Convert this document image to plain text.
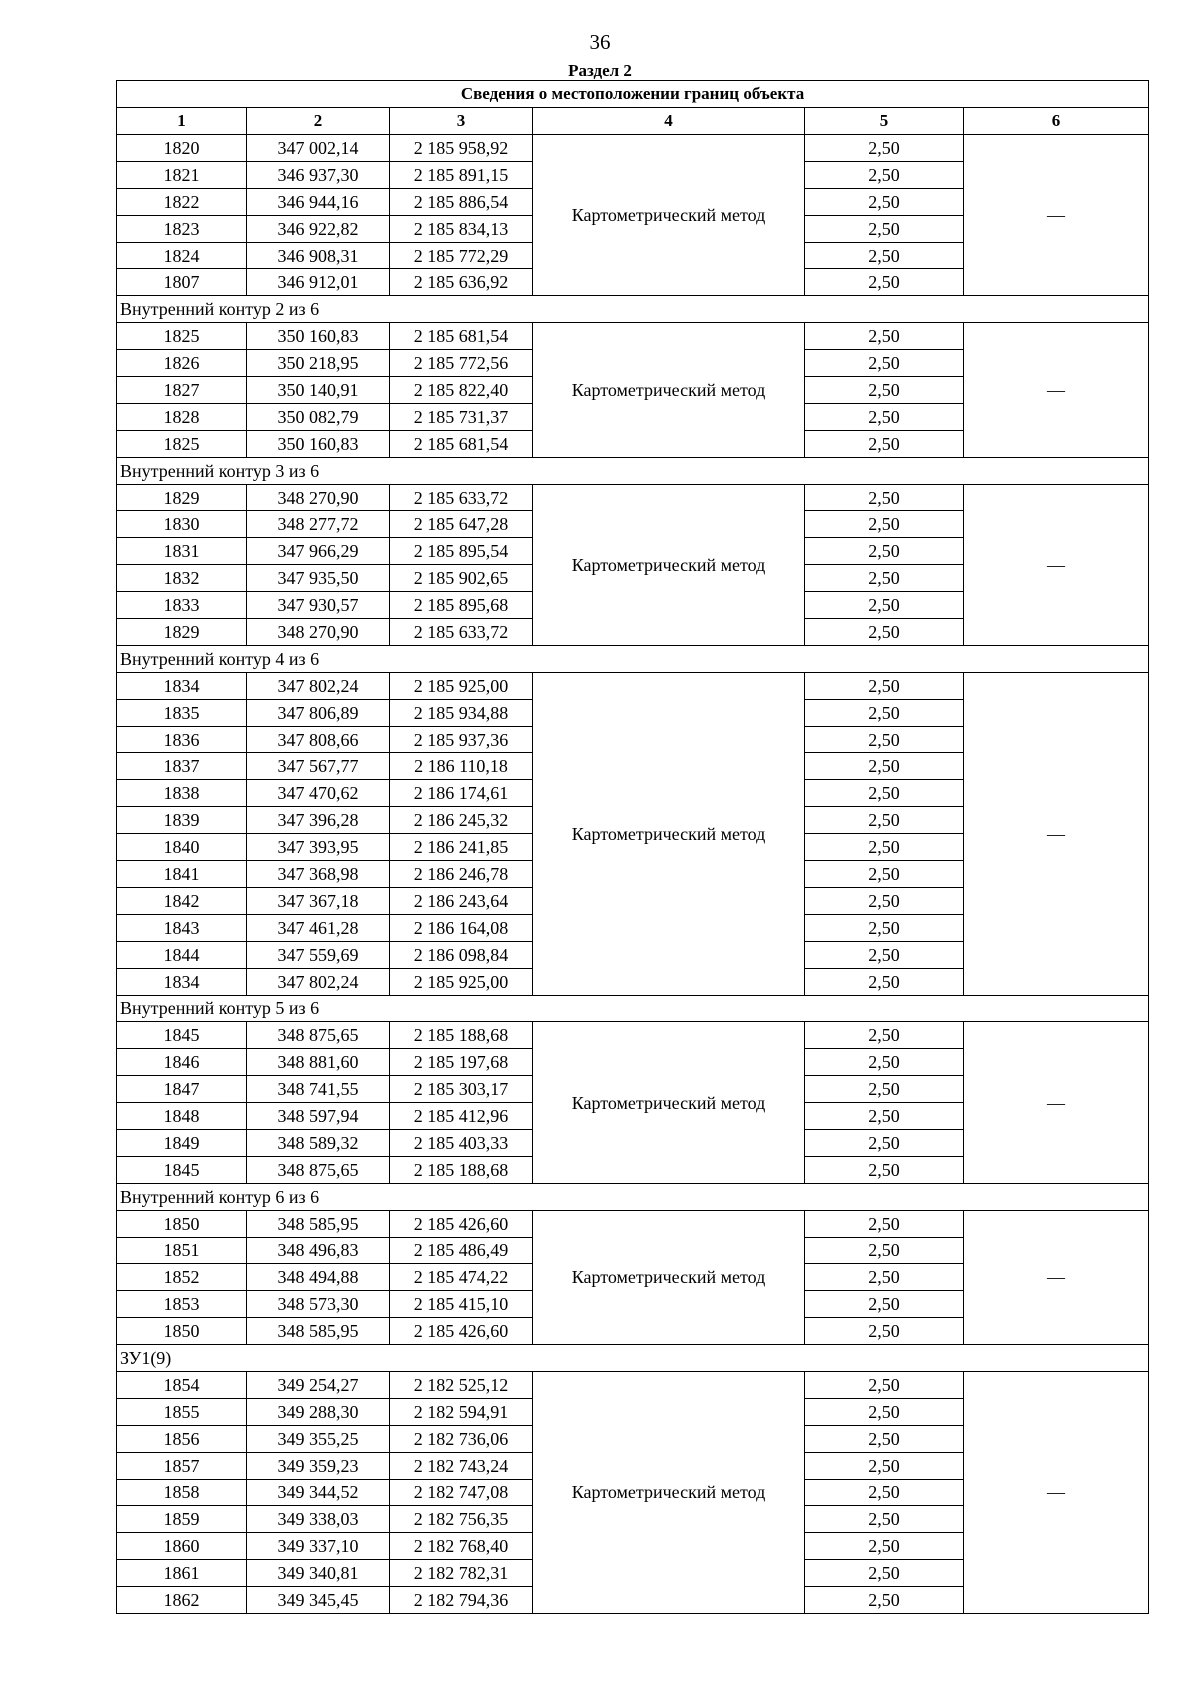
36
Раздел 2
Сведения о местоположении границ объекта					
1	2	3	4	5	6
1820	347 002,14	2 185 958,92	Картометрический метод	2,50	—
1821	346 937,30	2 185 891,15		2,50	
1822	346 944,16	2 185 886,54		2,50	
1823	346 922,82	2 185 834,13		2,50	
1824	346 908,31	2 185 772,29		2,50	
1807	346 912,01	2 185 636,92		2,50	
Внутренний контур 2 из 6					
1825	350 160,83	2 185 681,54	Картометрический метод	2,50	—
1826	350 218,95	2 185 772,56		2,50	
1827	350 140,91	2 185 822,40		2,50	
1828	350 082,79	2 185 731,37		2,50	
1825	350 160,83	2 185 681,54		2,50	
Внутренний контур 3 из 6					
1829	348 270,90	2 185 633,72	Картометрический метод	2,50	—
1830	348 277,72	2 185 647,28		2,50	
1831	347 966,29	2 185 895,54		2,50	
1832	347 935,50	2 185 902,65		2,50	
1833	347 930,57	2 185 895,68		2,50	
1829	348 270,90	2 185 633,72		2,50	
Внутренний контур 4 из 6					
1834	347 802,24	2 185 925,00	Картометрический метод	2,50	—
1835	347 806,89	2 185 934,88		2,50	
1836	347 808,66	2 185 937,36		2,50	
1837	347 567,77	2 186 110,18		2,50	
1838	347 470,62	2 186 174,61		2,50	
1839	347 396,28	2 186 245,32		2,50	
1840	347 393,95	2 186 241,85		2,50	
1841	347 368,98	2 186 246,78		2,50	
1842	347 367,18	2 186 243,64		2,50	
1843	347 461,28	2 186 164,08		2,50	
1844	347 559,69	2 186 098,84		2,50	
1834	347 802,24	2 185 925,00		2,50	
Внутренний контур 5 из 6					
1845	348 875,65	2 185 188,68	Картометрический метод	2,50	—
1846	348 881,60	2 185 197,68		2,50	
1847	348 741,55	2 185 303,17		2,50	
1848	348 597,94	2 185 412,96		2,50	
1849	348 589,32	2 185 403,33		2,50	
1845	348 875,65	2 185 188,68		2,50	
Внутренний контур 6 из 6					
1850	348 585,95	2 185 426,60	Картометрический метод	2,50	—
1851	348 496,83	2 185 486,49		2,50	
1852	348 494,88	2 185 474,22		2,50	
1853	348 573,30	2 185 415,10		2,50	
1850	348 585,95	2 185 426,60		2,50	
ЗУ1(9)					
1854	349 254,27	2 182 525,12	Картометрический метод	2,50	—
1855	349 288,30	2 182 594,91		2,50	
1856	349 355,25	2 182 736,06		2,50	
1857	349 359,23	2 182 743,24		2,50	
1858	349 344,52	2 182 747,08		2,50	
1859	349 338,03	2 182 756,35		2,50	
1860	349 337,10	2 182 768,40		2,50	
1861	349 340,81	2 182 782,31		2,50	
1862	349 345,45	2 182 794,36		2,50	
